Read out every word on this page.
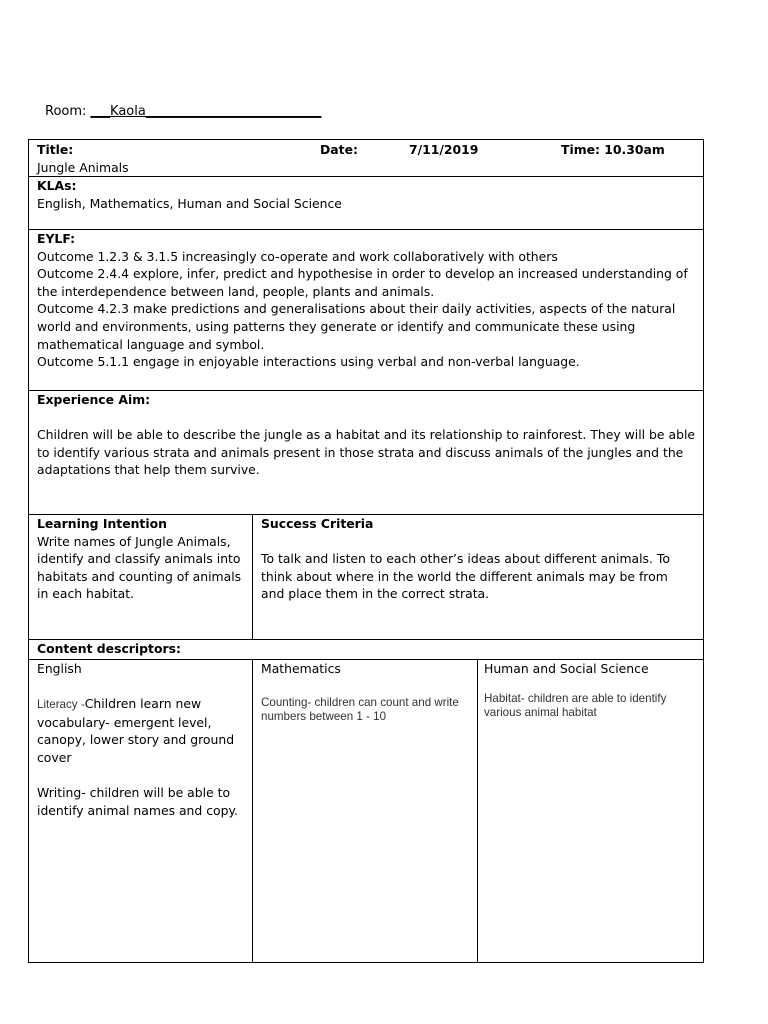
Room: ___Kaola___________________________

Title:

Jungle Animals

Date:	7/11/2019	Time: 10.30am

KLAs:

English, Mathematics, Human and Social Science

EYLF:

Outcome 1.2.3 & 3.1.5 increasingly co-operate and work collaboratively with others

Outcome 2.4.4 explore, infer, predict and hypothesise in order to develop an increased understanding of the interdependence between land, people, plants and animals.

Outcome 4.2.3 make predictions and generalisations about their daily activities, aspects of the natural world and environments, using patterns they generate or identify and communicate these using mathematical language and symbol.

Outcome 5.1.1 engage in enjoyable interactions using verbal and non-verbal language.

Experience Aim:

Children will be able to describe the jungle as a habitat and its relationship to rainforest. They will be able to identify various strata and animals present in those strata and discuss animals of the jungles and the adaptations that help them survive.

Learning Intention

Write names of Jungle Animals, identify and classify animals into habitats and counting of animals in each habitat.

Success Criteria

To talk and listen to each other’s ideas about different animals. To think about where in the world the different animals may be from and place them in the correct strata.

Content descriptors:

English

Literacy -Children learn new vocabulary- emergent level, canopy, lower story and ground cover

Writing- children will be able to identify animal names and copy.

Mathematics

Counting- children can count and write numbers between 1 - 10

Human and Social Science

Habitat- children are able to identify various animal habitat
